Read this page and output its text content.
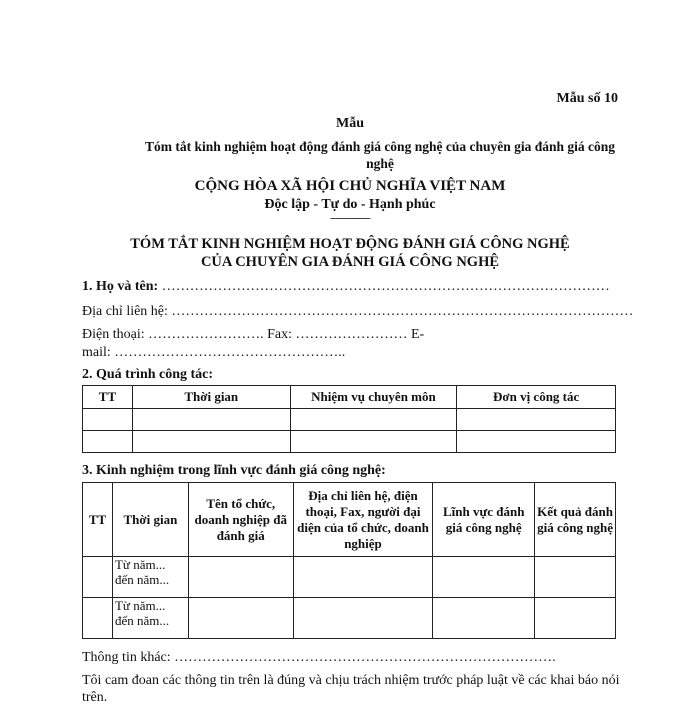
Mẫu số 10
Mẫu
Tóm tắt kinh nghiệm hoạt động đánh giá công nghệ của chuyên gia đánh giá công nghệ
CỘNG HÒA XÃ HỘI CHỦ NGHĨA VIỆT NAM
Độc lập - Tự do - Hạnh phúc
---------------
TÓM TẮT KINH NGHIỆM HOẠT ĐỘNG ĐÁNH GIÁ CÔNG NGHỆ
CỦA CHUYÊN GIA ĐÁNH GIÁ CÔNG NGHỆ
1. Họ và tên: ……………………………………………………………………………………
Địa chỉ liên hệ: ………………………………………………………………………………………
Điện thoại: ……………………. Fax: …………………… E-
mail: …………………………………………..
2. Quá trình công tác:
TT	Thời gian	Nhiệm vụ chuyên môn	Đơn vị công tác

3. Kinh nghiệm trong lĩnh vực đánh giá công nghệ:
TT	Thời gian	Tên tổ chức, doanh nghiệp đã đánh giá	Địa chỉ liên hệ, điện thoại, Fax, người đại diện của tổ chức, doanh nghiệp	Lĩnh vực đánh giá công nghệ	Kết quả đánh giá công nghệ
	Từ năm... đến năm...				
	Từ năm... đến năm...				
Thông tin khác: ……………………………………………………………………….
Tôi cam đoan các thông tin trên là đúng và chịu trách nhiệm trước pháp luật về các khai báo nói trên.
